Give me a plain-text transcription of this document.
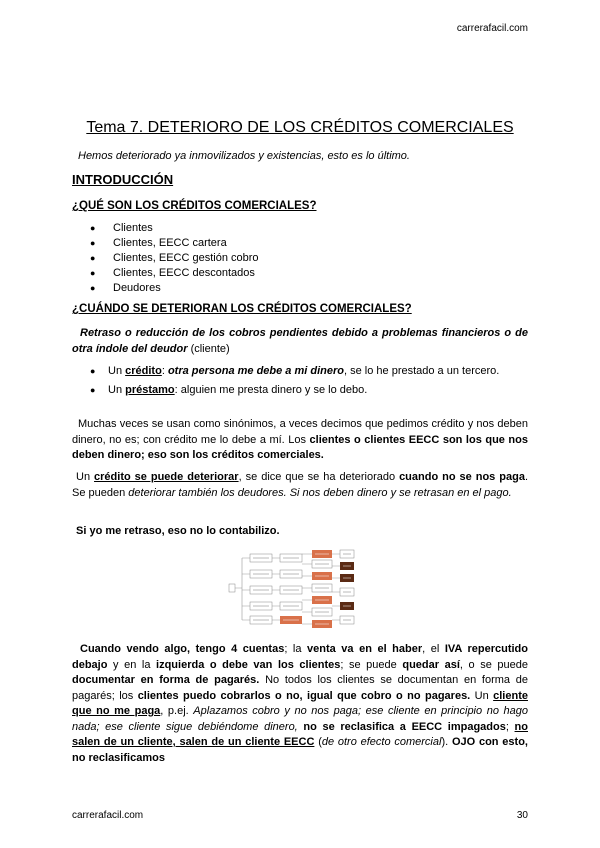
carrerafacil.com
Tema 7. DETERIORO DE LOS CRÉDITOS COMERCIALES
Hemos deteriorado ya inmovilizados y existencias, esto es lo último.
INTRODUCCIÓN
¿QUÉ SON LOS CRÉDITOS COMERCIALES?
● Clientes
● Clientes, EECC cartera
● Clientes, EECC gestión cobro
● Clientes, EECC descontados
● Deudores
¿CUÁNDO SE DETERIORAN LOS CRÉDITOS COMERCIALES?
Retraso o reducción de los cobros pendientes debido a problemas financieros o de otra índole del deudor (cliente)
● Un crédito: otra persona me debe a mi dinero, se lo he prestado a un tercero.
● Un préstamo: alguien me presta dinero y se lo debo.
Muchas veces se usan como sinónimos, a veces decimos que pedimos crédito y nos deben dinero, no es; con crédito me lo debe a mí. Los clientes o clientes EECC son los que nos deben dinero; eso son los créditos comerciales.
Un crédito se puede deteriorar, se dice que se ha deteriorado cuando no se nos paga. Se pueden deteriorar también los deudores. Si nos deben dinero y se retrasan en el pago.
Si yo me retraso, eso no lo contabilizo.
Cuando vendo algo, tengo 4 cuentas; la venta va en el haber, el IVA repercutido debajo y en la izquierda o debe van los clientes; se puede quedar así, o se puede documentar en forma de pagarés. No todos los clientes se documentan en forma de pagarés; los clientes puedo cobrarlos o no, igual que cobro o no pagares. Un cliente que no me paga, p.ej. Aplazamos cobro y no nos paga; ese cliente en principio no hago nada; ese cliente sigue debiéndome dinero, no se reclasifica a EECC impagados; no salen de un cliente, salen de un cliente EECC (de otro efecto comercial). OJO con esto, no reclasificamos
carrerafacil.com	30
